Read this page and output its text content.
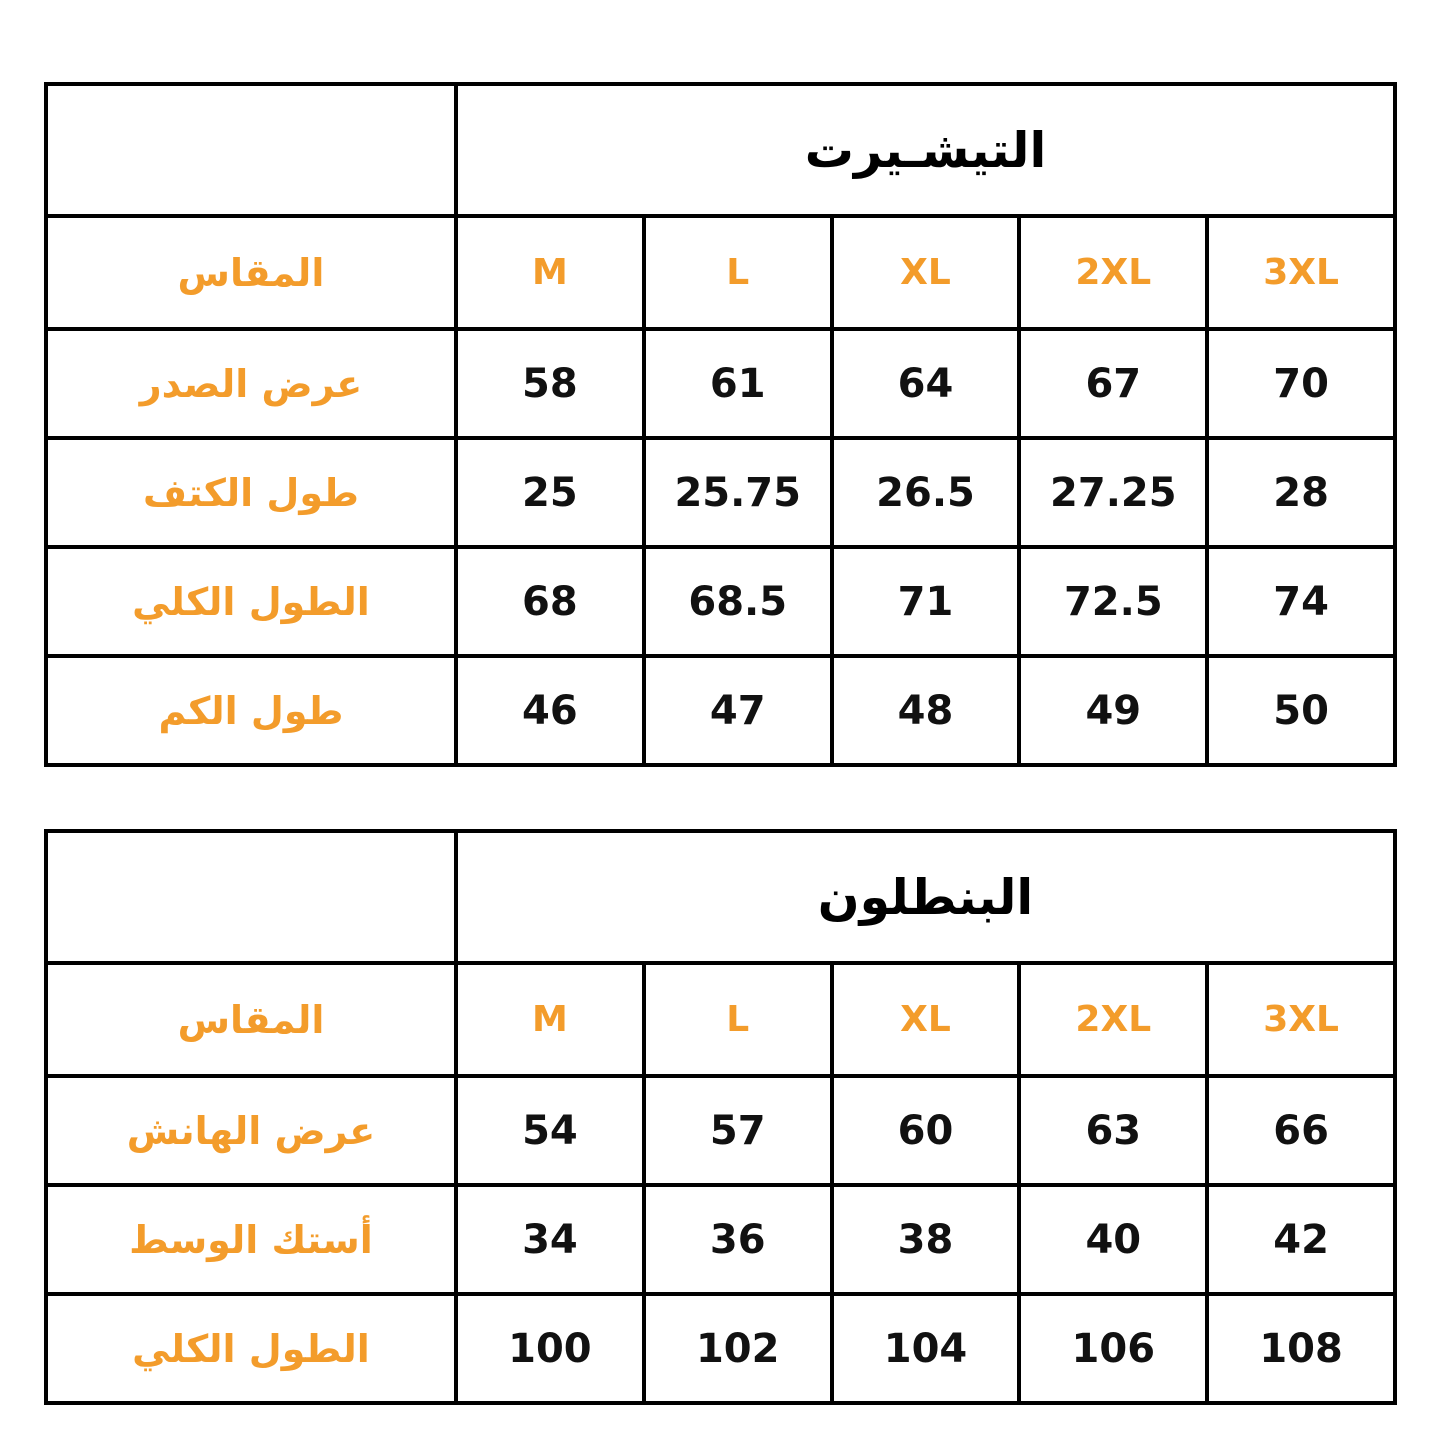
التيشـيرت					
3XL	2XL	XL	L	M	المقاس
70	67	64	61	58	عرض الصدر
28	27.25	26.5	25.75	25	طول الكتف
74	72.5	71	68.5	68	الطول الكلي
50	49	48	47	46	طول الكم
البنطلون					
3XL	2XL	XL	L	M	المقاس
66	63	60	57	54	عرض الهانش
42	40	38	36	34	أستك الوسط
108	106	104	102	100	الطول الكلي
